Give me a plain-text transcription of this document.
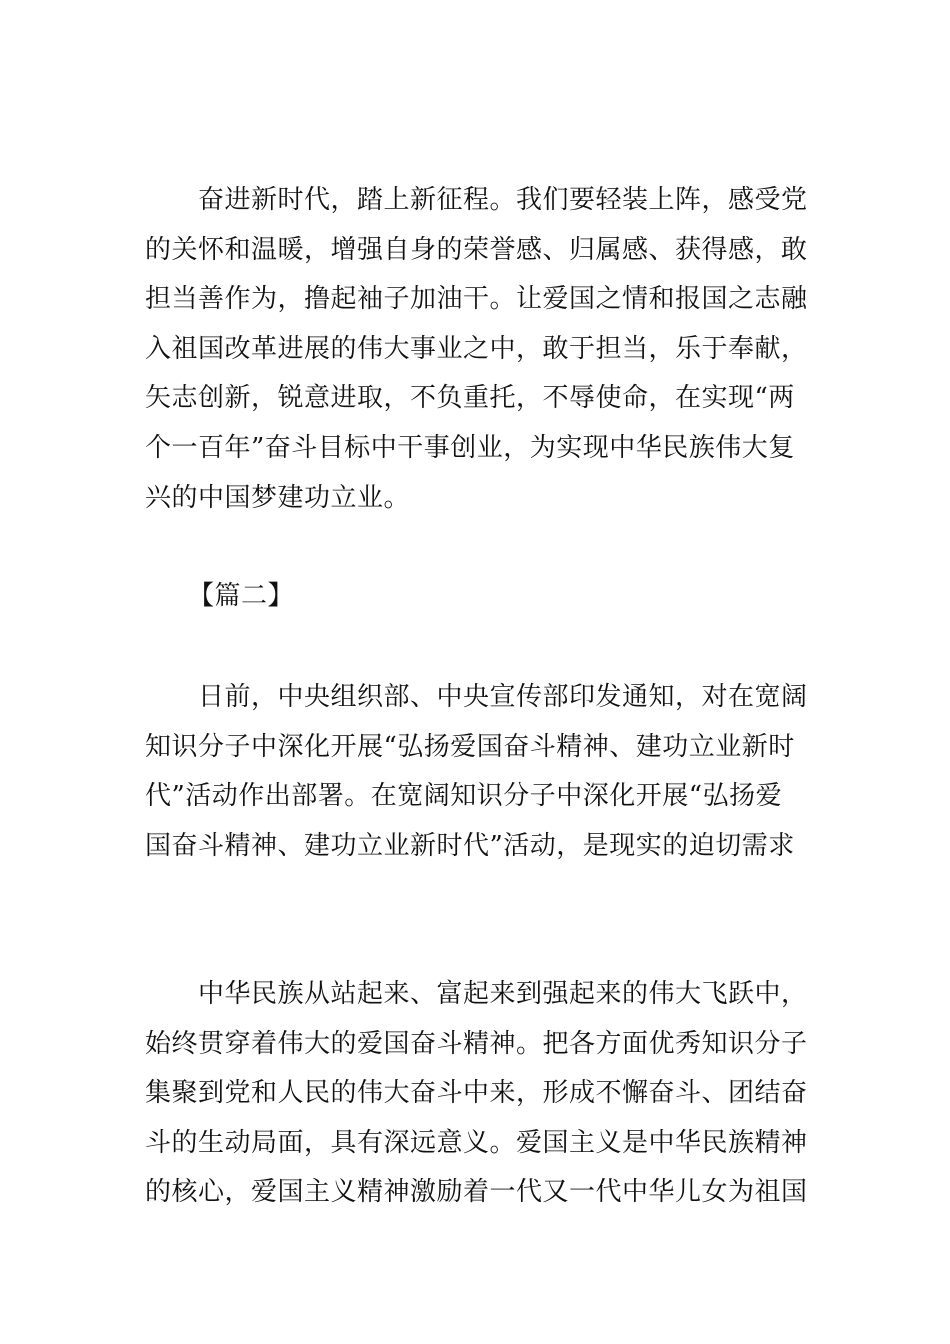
奋进新时代，踏上新征程。我们要轻装上阵，感受党
的关怀和温暖，增强自身的荣誉感、归属感、获得感，敢
担当善作为，撸起袖子加油干。让爱国之情和报国之志融
入祖国改革进展的伟大事业之中，敢于担当，乐于奉献，
矢志创新，锐意进取，不负重托，不辱使命，在实现“两
个一百年”奋斗目标中干事创业，为实现中华民族伟大复
兴的中国梦建功立业。
【篇二】
日前，中央组织部、中央宣传部印发通知，对在宽阔
知识分子中深化开展“弘扬爱国奋斗精神、建功立业新时
代”活动作出部署。在宽阔知识分子中深化开展“弘扬爱
国奋斗精神、建功立业新时代”活动，是现实的迫切需求
中华民族从站起来、富起来到强起来的伟大飞跃中，
始终贯穿着伟大的爱国奋斗精神。把各方面优秀知识分子
集聚到党和人民的伟大奋斗中来，形成不懈奋斗、团结奋
斗的生动局面，具有深远意义。爱国主义是中华民族精神
的核心，爱国主义精神激励着一代又一代中华儿女为祖国
